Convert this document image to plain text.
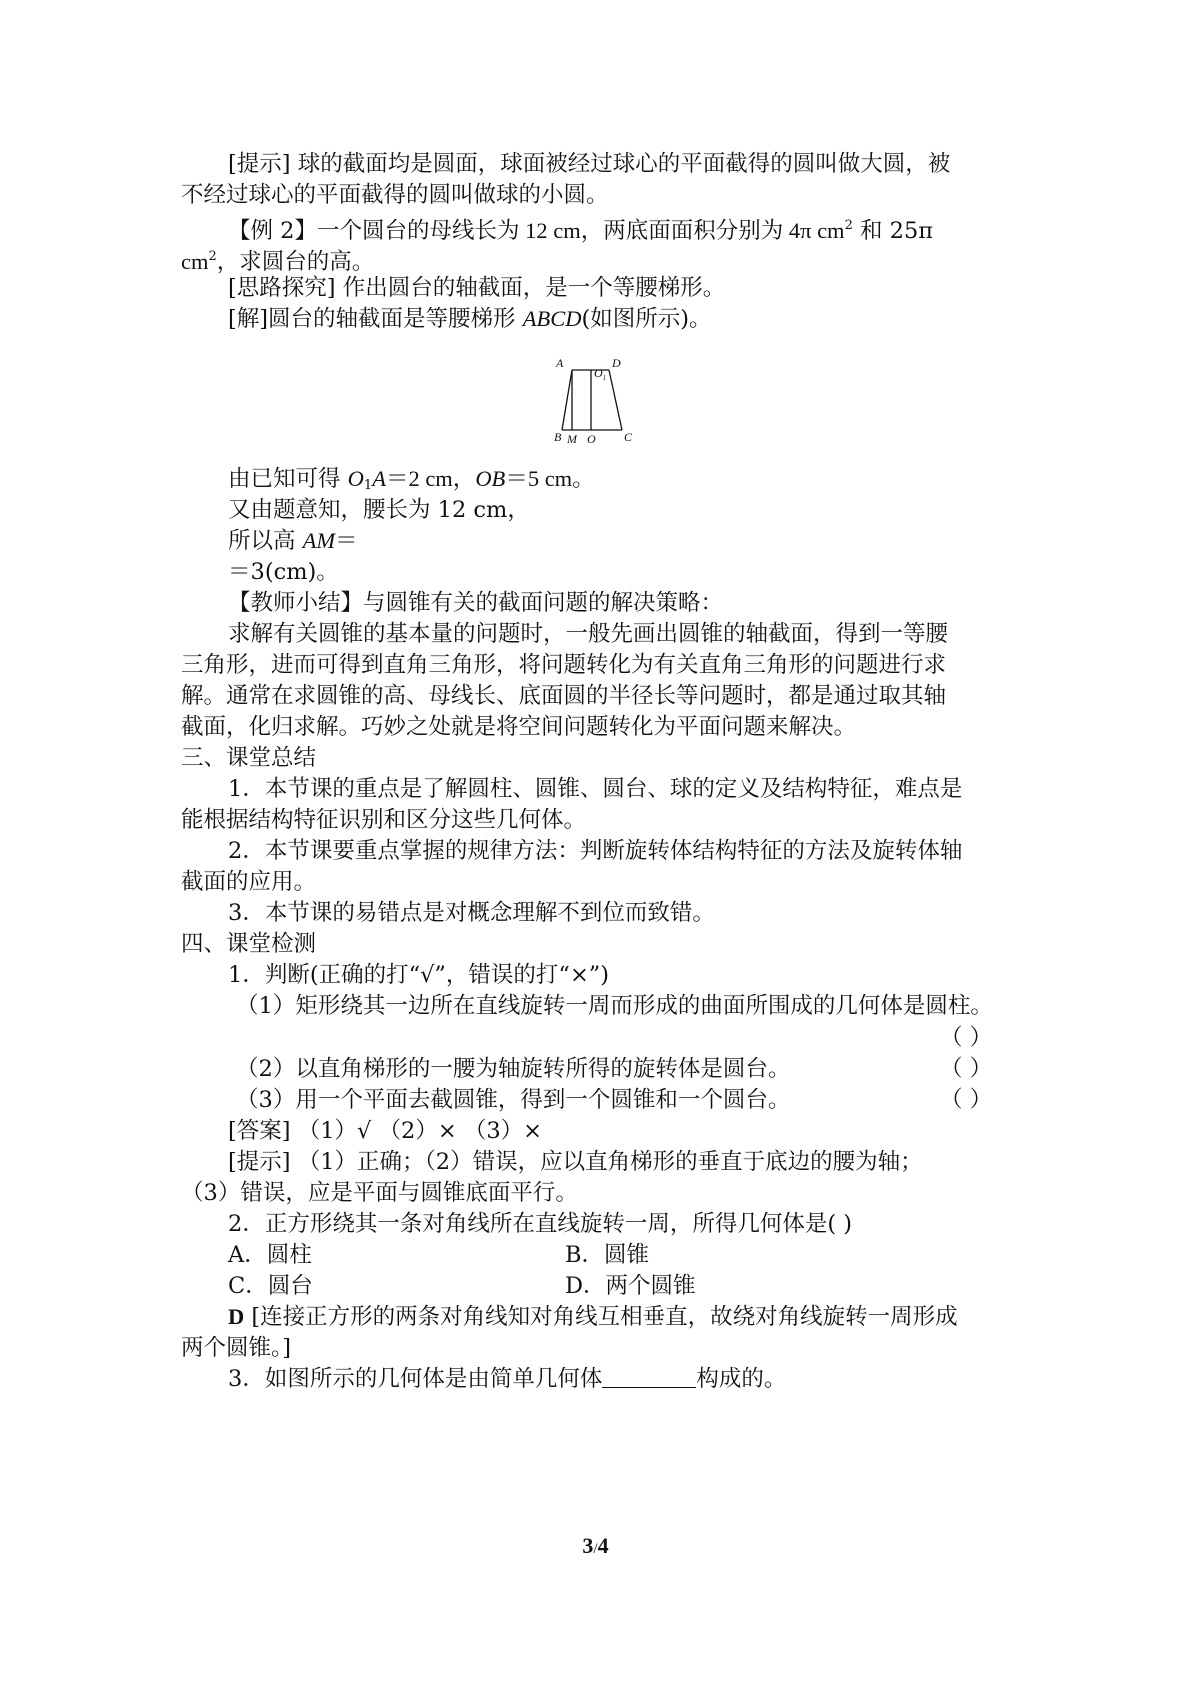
[提示] 球的截面均是圆面，球面被经过球心的平面截得的圆叫做大圆，被
不经过球心的平面截得的圆叫做球的小圆。
【例 2】一个圆台的母线长为 12 cm，两底面面积分别为 4π $cm^2$ 和 25π
$cm^2$，求圆台的高。
[思路探究] 作出圆台的轴截面，是一个等腰梯形。
[解]圆台的轴截面是等腰梯形 ABCD(如图所示)。
A	D
$O_1$
B M O C
由已知可得 $O_1A=2$ cm，OB＝5 cm。
又由题意知，腰长为 12 cm，
所以高 AM＝
＝3(cm)。
【教师小结】与圆锥有关的截面问题的解决策略：
求解有关圆锥的基本量的问题时，一般先画出圆锥的轴截面，得到一等腰
三角形，进而可得到直角三角形，将问题转化为有关直角三角形的问题进行求
解。通常在求圆锥的高、母线长、底面圆的半径长等问题时，都是通过取其轴
截面，化归求解。巧妙之处就是将空间问题转化为平面问题来解决。
三、课堂总结
1．本节课的重点是了解圆柱、圆锥、圆台、球的定义及结构特征，难点是
能根据结构特征识别和区分这些几何体。
2．本节课要重点掌握的规律方法：判断旋转体结构特征的方法及旋转体轴
截面的应用。
3．本节课的易错点是对概念理解不到位而致错。
四、课堂检测
1．判断(正确的打“√”，错误的打“×”)
（1）矩形绕其一边所在直线旋转一周而形成的曲面所围成的几何体是圆柱。
（ ）
（2）以直角梯形的一腰为轴旋转所得的旋转体是圆台。	（ ）
（3）用一个平面去截圆锥，得到一个圆锥和一个圆台。	（ ）
[答案] （1）√ （2）× （3）×
[提示] （1）正确；（2）错误，应以直角梯形的垂直于底边的腰为轴；
（3）错误，应是平面与圆锥底面平行。
2．正方形绕其一条对角线所在直线旋转一周，所得几何体是( )
A．圆柱	B．圆锥
C．圆台	D．两个圆锥
D [连接正方形的两条对角线知对角线互相垂直，故绕对角线旋转一周形成
两个圆锥。]
3．如图所示的几何体是由简单几何体	构成的。
3/4
